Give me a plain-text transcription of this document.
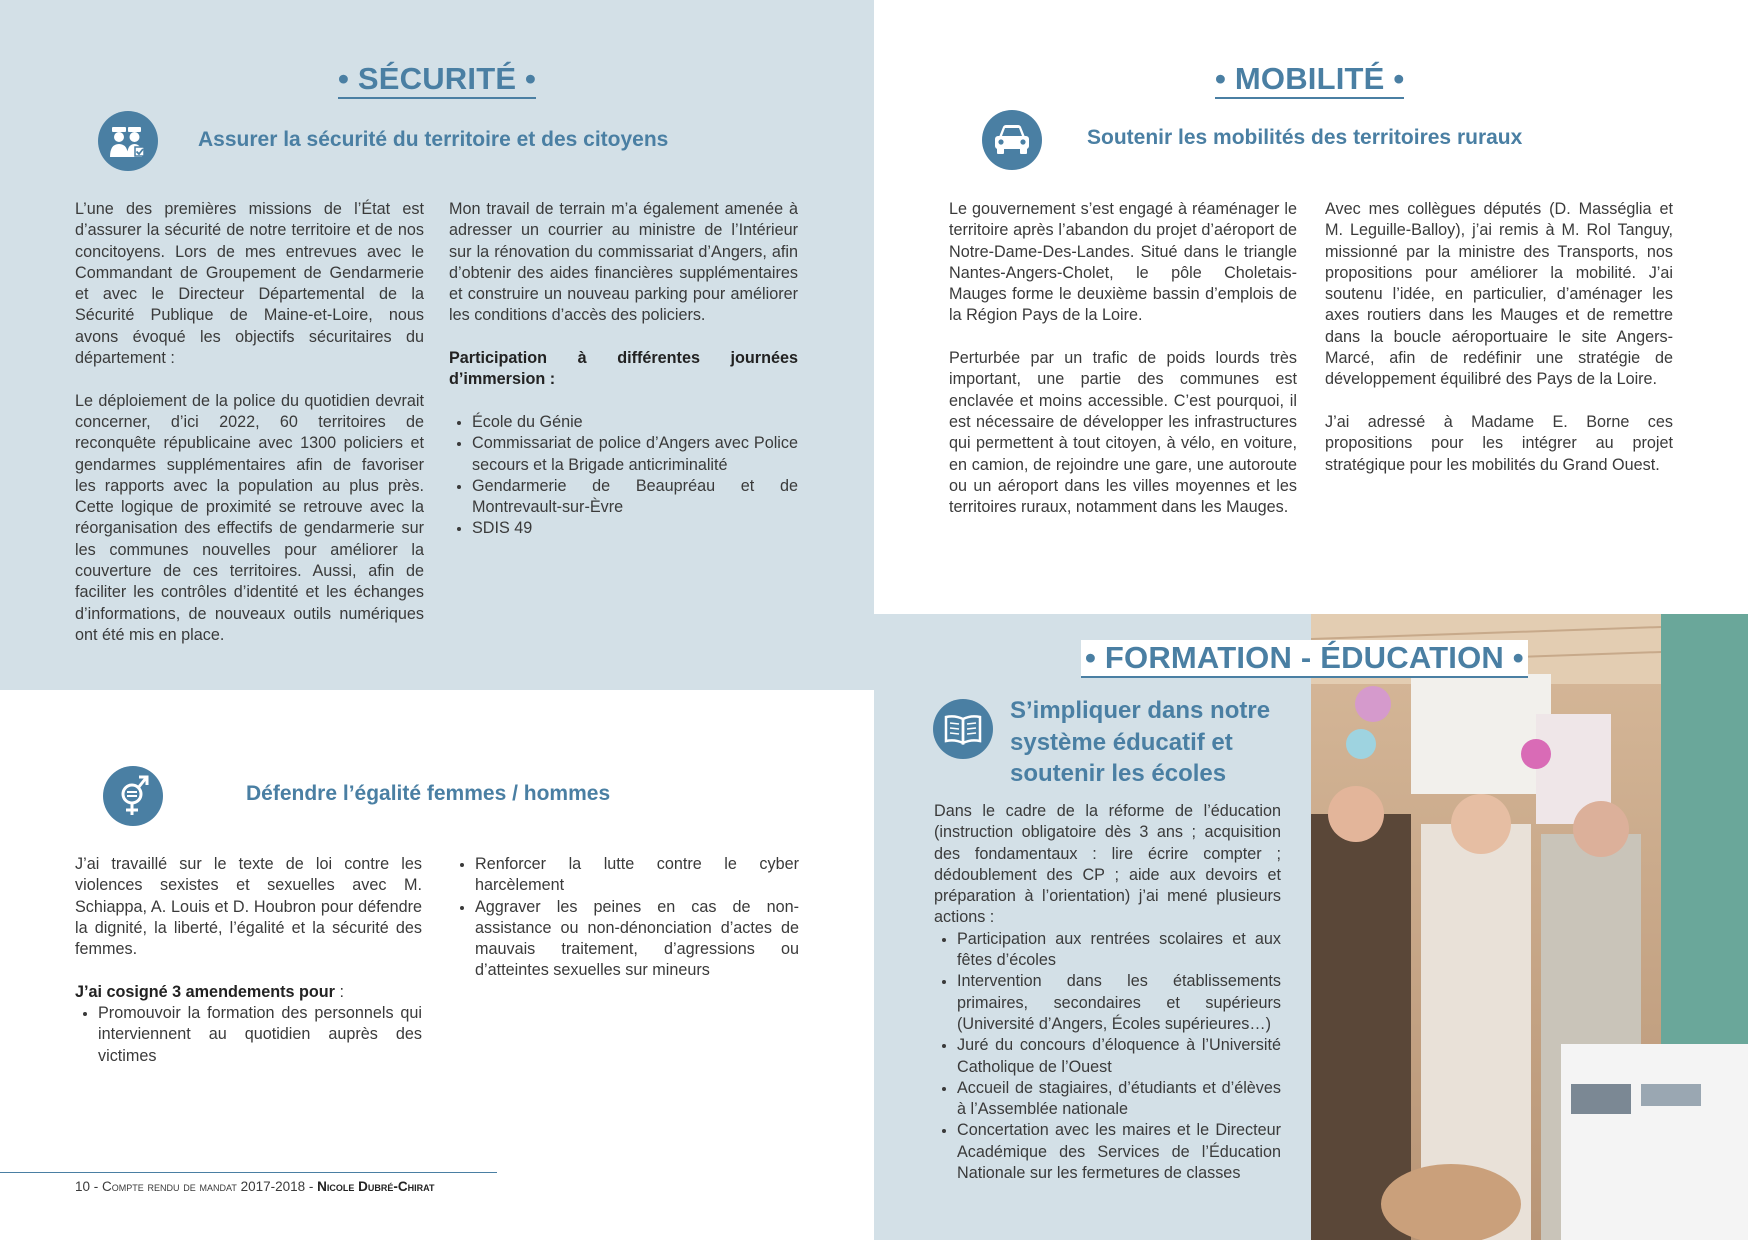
• SÉCURITÉ •
Assurer la sécurité du territoire et des citoyens

L’une des premières missions de l’État est d’assurer la sécurité de notre territoire et de nos concitoyens. Lors de mes entrevues avec le Commandant de Groupement de Gendarmerie et avec le Directeur Départemental de la Sécurité Publique de Maine-et-Loire, nous avons évoqué les objectifs sécuritaires du département :

Le déploiement de la police du quotidien devrait concerner, d’ici 2022, 60 territoires de reconquête républicaine avec 1300 policiers et gendarmes supplémentaires afin de favoriser les rapports avec la population au plus près. Cette logique de proximité se retrouve avec la réorganisation des effectifs de gendarmerie sur les communes nouvelles pour améliorer la couverture de ces territoires. Aussi, afin de faciliter les contrôles d’identité et les échanges d’informations, de nouveaux outils numériques ont été mis en place.

Mon travail de terrain m’a également amenée à adresser un courrier au ministre de l’Intérieur sur la rénovation du commissariat d’Angers, afin d’obtenir des aides financières supplémentaires et construire un nouveau parking pour améliorer les conditions d’accès des policiers.

Participation à différentes journées d’immersion :

• École du Génie
• Commissariat de police d’Angers avec Police secours et la Brigade anticriminalité
• Gendarmerie de Beaupréau et de Montrevault-sur-Èvre
• SDIS 49
• MOBILITÉ •
Soutenir les mobilités des territoires ruraux

Le gouvernement s’est engagé à réaménager le territoire après l’abandon du projet d’aéroport de Notre-Dame-Des-Landes. Situé dans le triangle Nantes-Angers-Cholet, le pôle Choletais-Mauges forme le deuxième bassin d’emplois de la Région Pays de la Loire.

Perturbée par un trafic de poids lourds très important, une partie des communes est enclavée et moins accessible. C’est pourquoi, il est nécessaire de développer les infrastructures qui permettent à tout citoyen, à vélo, en voiture, en camion, de rejoindre une gare, une autoroute ou un aéroport dans les villes moyennes et les territoires ruraux, notamment dans les Mauges.

Avec mes collègues députés (D. Masséglia et M. Leguille-Balloy), j’ai remis à M. Rol Tanguy, missionné par la ministre des Transports, nos propositions pour améliorer la mobilité. J’ai soutenu l’idée, en particulier, d’aménager les axes routiers dans les Mauges et de remettre dans la boucle aéroportuaire le site Angers-Marcé, afin de redéfinir une stratégie de développement équilibré des Pays de la Loire.

J’ai adressé à Madame E. Borne ces propositions pour les intégrer au projet stratégique pour les mobilités du Grand Ouest.

Défendre l’égalité femmes / hommes

J’ai travaillé sur le texte de loi contre les violences sexistes et sexuelles avec M. Schiappa, A. Louis et D. Houbron pour défendre la dignité, la liberté, l’égalité et la sécurité des femmes.

J’ai cosigné 3 amendements pour :
• Promouvoir la formation des personnels qui interviennent au quotidien auprès des victimes
• Renforcer la lutte contre le cyber harcèlement
• Aggraver les peines en cas de non-assistance ou non-dénonciation d’actes de mauvais traitement, d’agressions ou d’atteintes sexuelles sur mineurs
• FORMATION - ÉDUCATION •
S’impliquer dans notre système éducatif et soutenir les écoles
Dans le cadre de la réforme de l’éducation (instruction obligatoire dès 3 ans ; acquisition des fondamentaux : lire écrire compter ; dédoublement des CP ; aide aux devoirs et préparation à l’orientation) j’ai mené plusieurs actions :
• Participation aux rentrées scolaires et aux fêtes d’écoles
• Intervention dans les établissements primaires, secondaires et supérieurs (Université d’Angers, Écoles supérieures…)
• Juré du concours d’éloquence à l’Université Catholique de l’Ouest
• Accueil de stagiaires, d’étudiants et d’élèves à l’Assemblée nationale
• Concertation avec les maires et le Directeur Académique des Services de l’Éducation Nationale sur les fermetures de classes
10 - Compte rendu de mandat 2017-2018 - Nicole Dubré-Chirat
